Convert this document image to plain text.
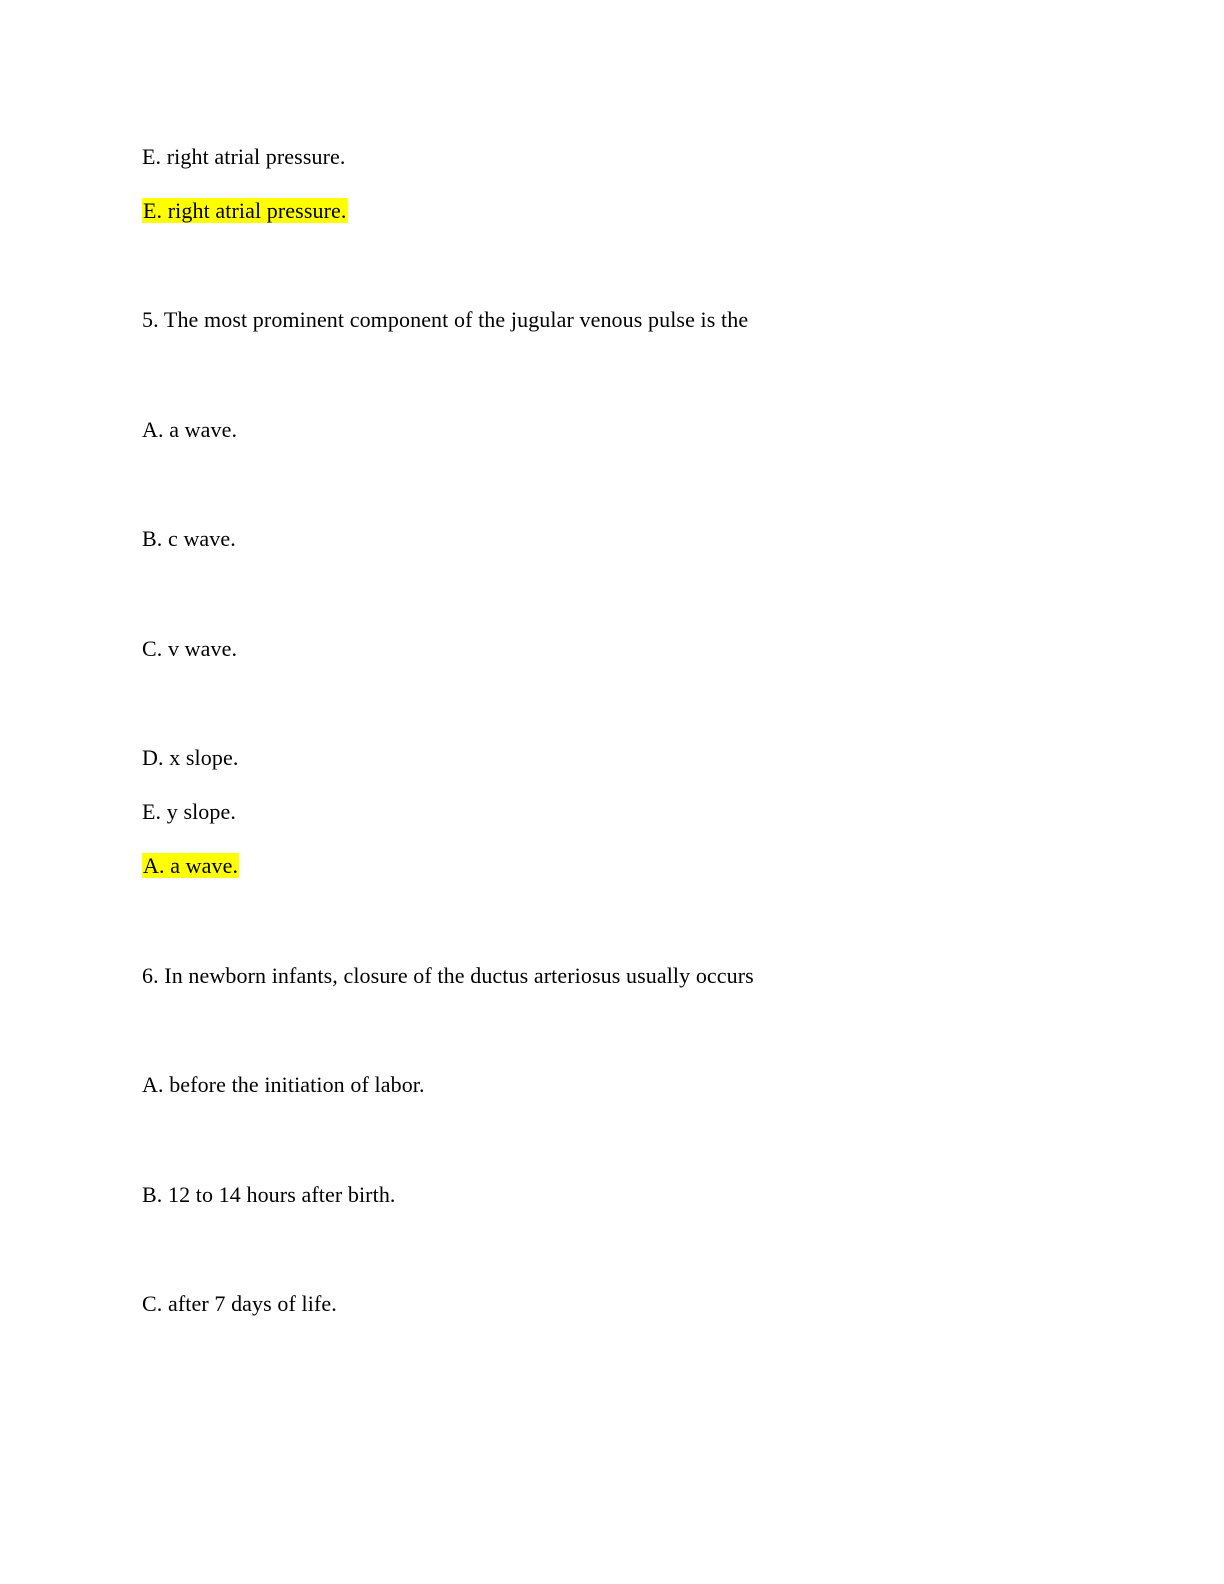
E. right atrial pressure.
E. right atrial pressure.
5. The most prominent component of the jugular venous pulse is the
A. a wave.
B. c wave.
C. v wave.
D. x slope.
E. y slope.
A. a wave.
6. In newborn infants, closure of the ductus arteriosus usually occurs
A. before the initiation of labor.
B. 12 to 14 hours after birth.
C. after 7 days of life.
